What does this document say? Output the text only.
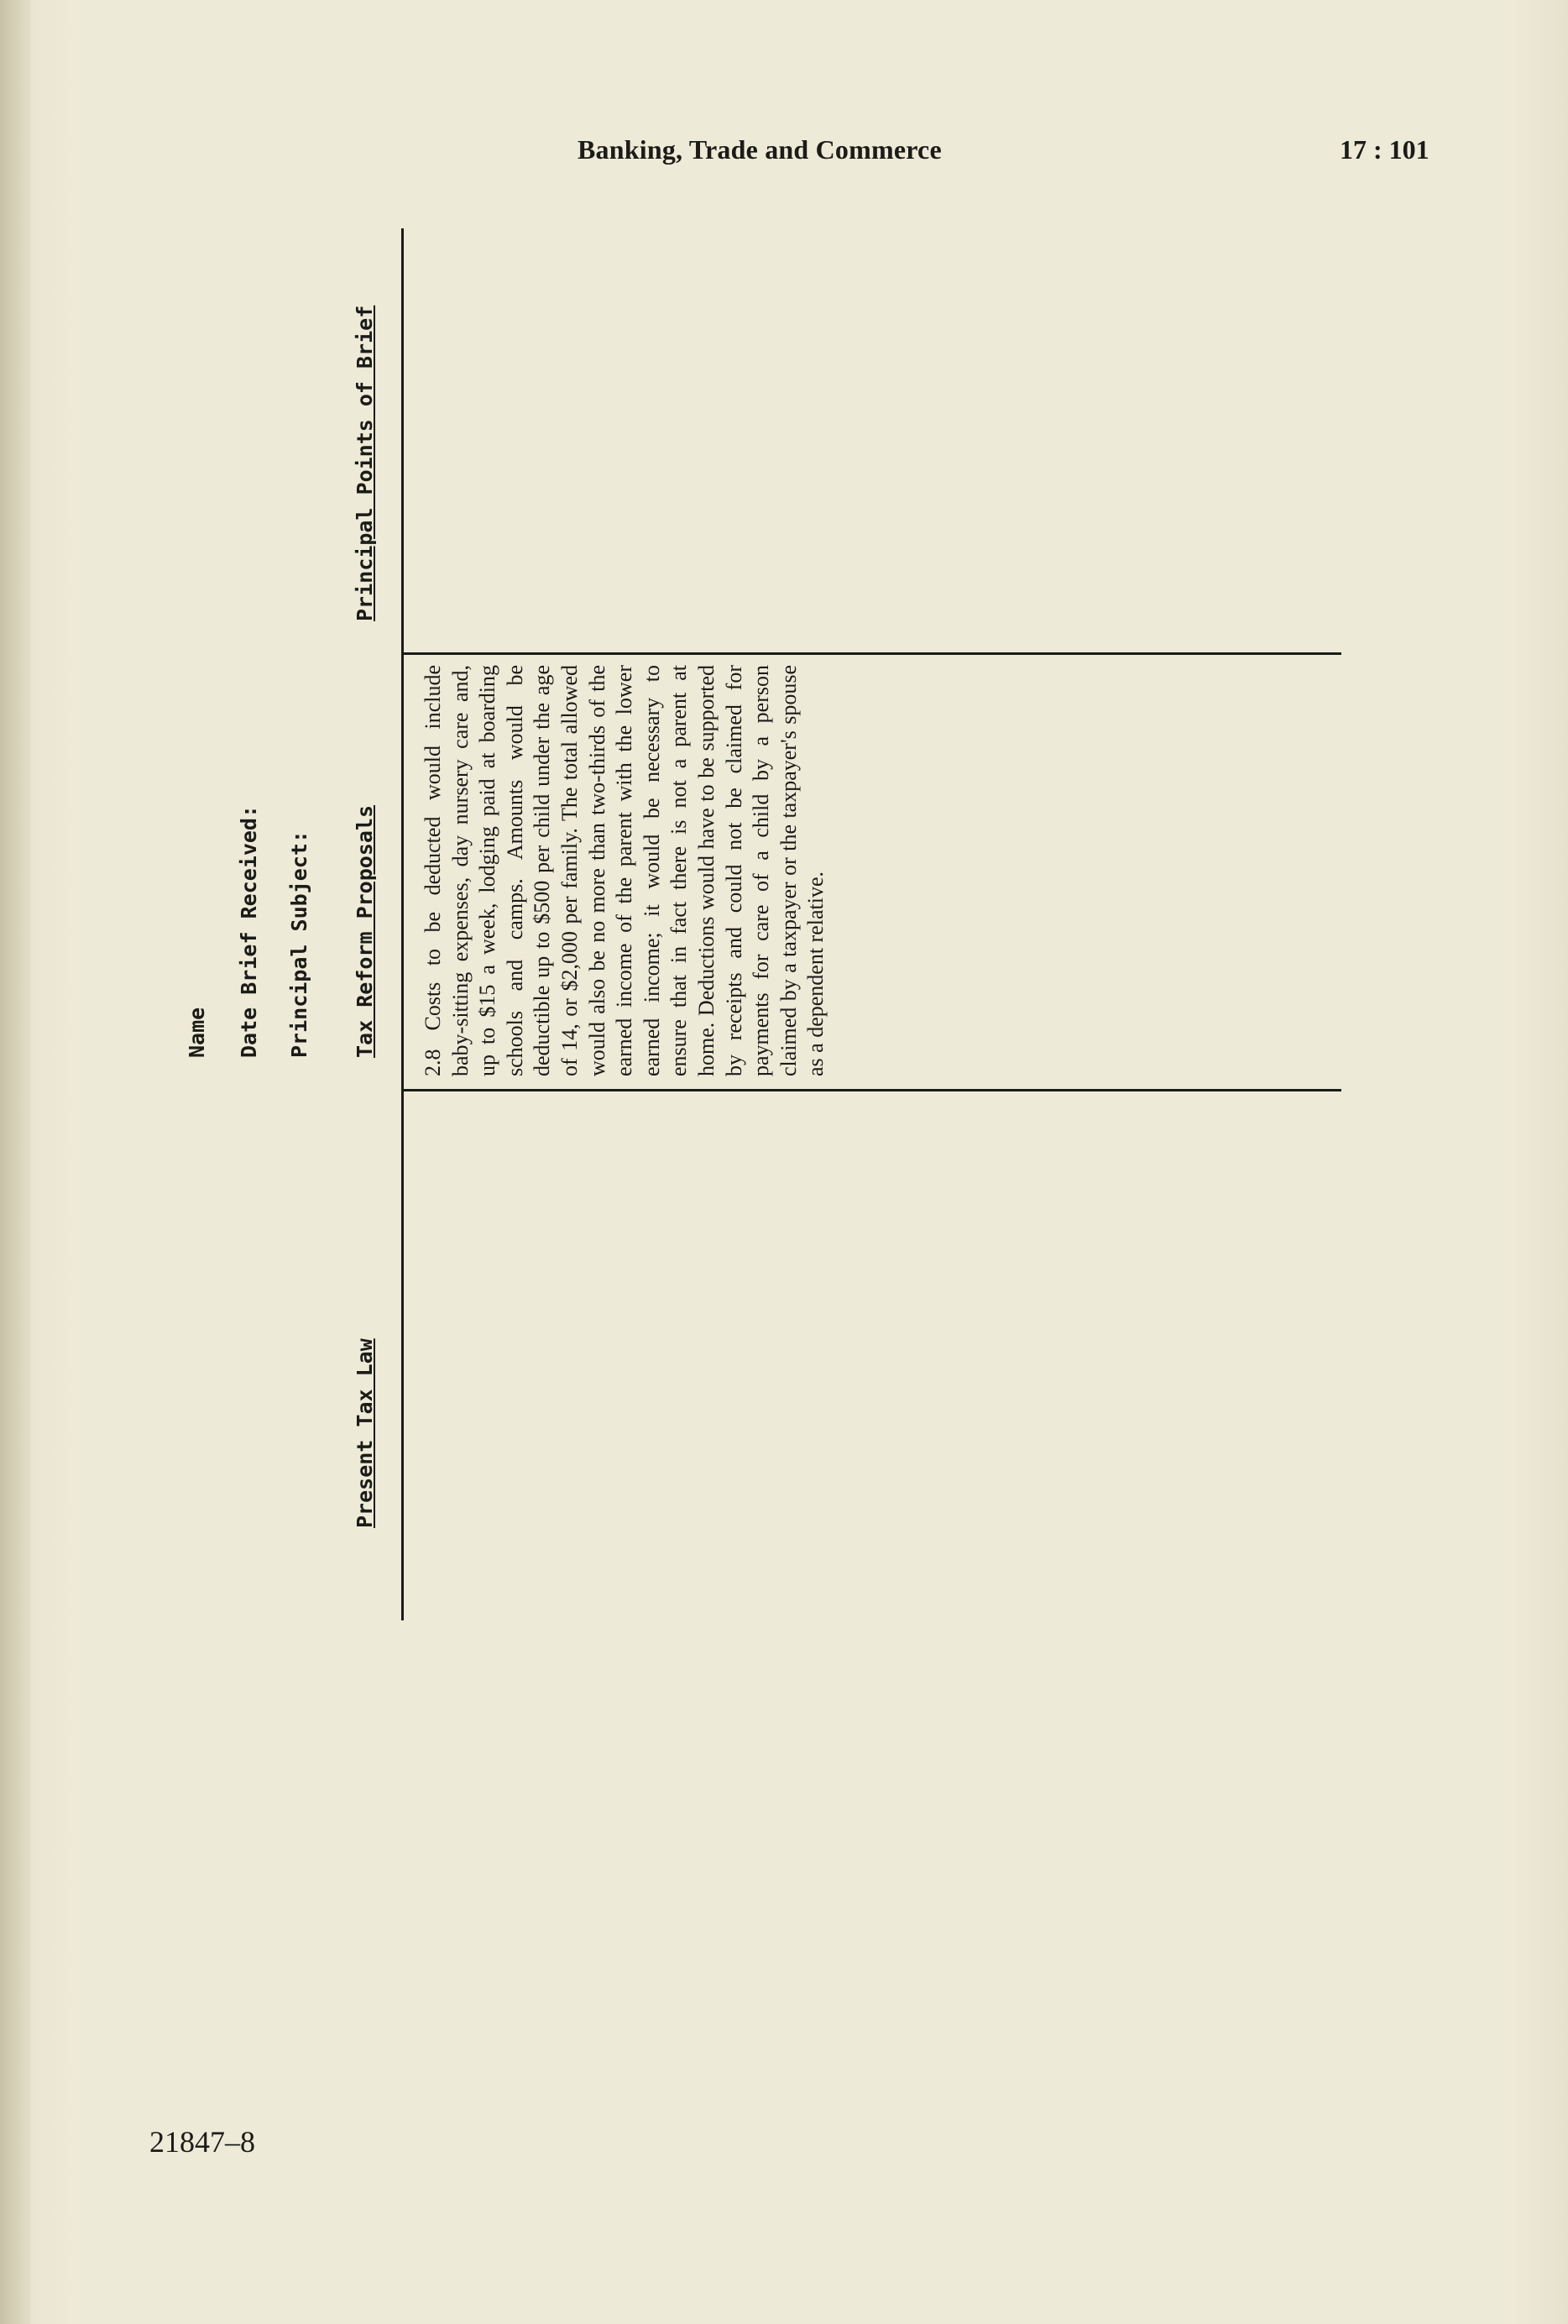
Banking, Trade and Commerce	17 : 101
Name Date Brief Received: Principal Subject:
Present Tax Law
Tax Reform Proposals
Principal Points of Brief
2.8Costs to be deducted would include baby-sitting expenses, day nursery care and, up to $15 a week, lodging paid at boarding schools and camps. Amounts would be deductible up to $500 per child under the age of 14, or $2,000 per family. The total allowed would also be no more than two-thirds of the earned income of the parent with the lower earned income; it would be necessary to ensure that in fact there is not a parent at home. Deductions would have to be supported by receipts and could not be claimed for payments for care of a child by a person claimed by a taxpayer or the taxpayer's spouse as a dependent relative.
21847–8
